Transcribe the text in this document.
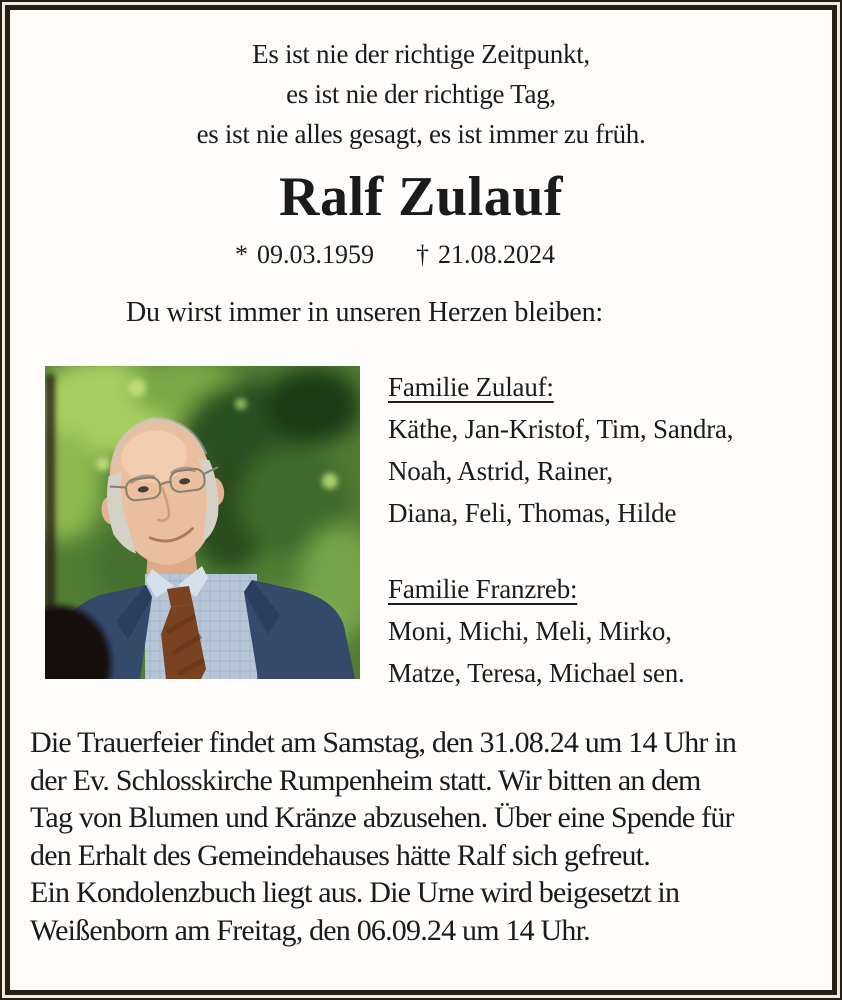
Es ist nie der richtige Zeitpunkt,
es ist nie der richtige Tag,
es ist nie alles gesagt, es ist immer zu früh.
Ralf Zulauf
* 09.03.1959 † 21.08.2024
Du wirst immer in unseren Herzen bleiben:
Familie Zulauf:
Käthe, Jan-Kristof, Tim, Sandra,
Noah, Astrid, Rainer,
Diana, Feli, Thomas, Hilde
Familie Franzreb:
Moni, Michi, Meli, Mirko,
Matze, Teresa, Michael sen.
Die Trauerfeier findet am Samstag, den 31.08.24 um 14 Uhr in
der Ev. Schlosskirche Rumpenheim statt. Wir bitten an dem
Tag von Blumen und Kränze abzusehen. Über eine Spende für
den Erhalt des Gemeindehauses hätte Ralf sich gefreut.
Ein Kondolenzbuch liegt aus. Die Urne wird beigesetzt in
Weißenborn am Freitag, den 06.09.24 um 14 Uhr.
